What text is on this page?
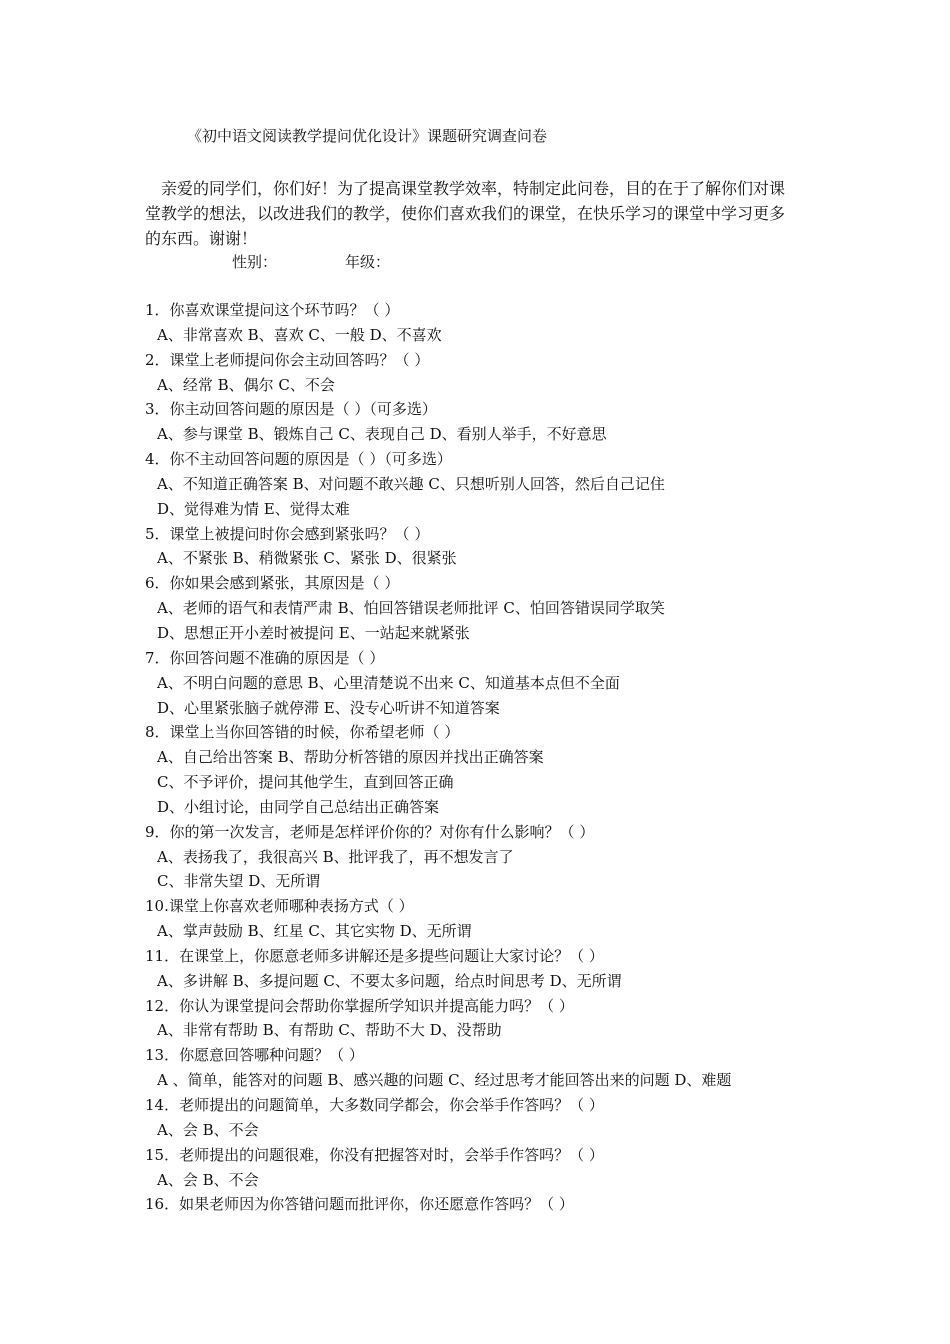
《初中语文阅读教学提问优化设计》课题研究调查问卷
亲爱的同学们，你们好！为了提高课堂教学效率，特制定此问卷，目的在于了解你们对课
堂教学的想法，以改进我们的教学，使你们喜欢我们的课堂，在快乐学习的课堂中学习更多
的东西。谢谢！
性别：	年级：
1．你喜欢课堂提问这个环节吗？（ ）
A、非常喜欢 B、喜欢 C、一般 D、不喜欢
2．课堂上老师提问你会主动回答吗？（ ）
A、经常 B、偶尔 C、不会
3．你主动回答问题的原因是（ ）（可多选）
A、参与课堂 B、锻炼自己 C、表现自己 D、看别人举手，不好意思
4．你不主动回答问题的原因是（ ）（可多选）
A、不知道正确答案 B、对问题不敢兴趣 C、只想听别人回答，然后自己记住
D、觉得难为情 E、觉得太难
5．课堂上被提问时你会感到紧张吗？（ ）
A、不紧张 B、稍微紧张 C、紧张 D、很紧张
6．你如果会感到紧张，其原因是（ ）
A、老师的语气和表情严肃 B、怕回答错误老师批评 C、怕回答错误同学取笑
D、思想正开小差时被提问 E、一站起来就紧张
7．你回答问题不准确的原因是（ ）
A、不明白问题的意思 B、心里清楚说不出来 C、知道基本点但不全面
D、心里紧张脑子就停滞 E、没专心听讲不知道答案
8．课堂上当你回答错的时候，你希望老师（ ）
A、自己给出答案 B、帮助分析答错的原因并找出正确答案
C、不予评价，提问其他学生，直到回答正确
D、小组讨论，由同学自己总结出正确答案
9．你的第一次发言，老师是怎样评价你的？对你有什么影响？（ ）
A、表扬我了，我很高兴 B、批评我了，再不想发言了
C、非常失望 D、无所谓
10.课堂上你喜欢老师哪种表扬方式（ ）
A、掌声鼓励 B、红星 C、其它实物 D、无所谓
11．在课堂上，你愿意老师多讲解还是多提些问题让大家讨论？（ ）
A、多讲解 B、多提问题 C、不要太多问题，给点时间思考 D、无所谓
12．你认为课堂提问会帮助你掌握所学知识并提高能力吗？（ ）
A、非常有帮助 B、有帮助 C、帮助不大 D、没帮助
13．你愿意回答哪种问题？（ ）
A 、简单，能答对的问题 B、感兴趣的问题 C、经过思考才能回答出来的问题 D、难题
14．老师提出的问题简单，大多数同学都会，你会举手作答吗？（ ）
A、会 B、不会
15．老师提出的问题很难，你没有把握答对时，会举手作答吗？（ ）
A、会 B、不会
16．如果老师因为你答错问题而批评你，你还愿意作答吗？（ ）
